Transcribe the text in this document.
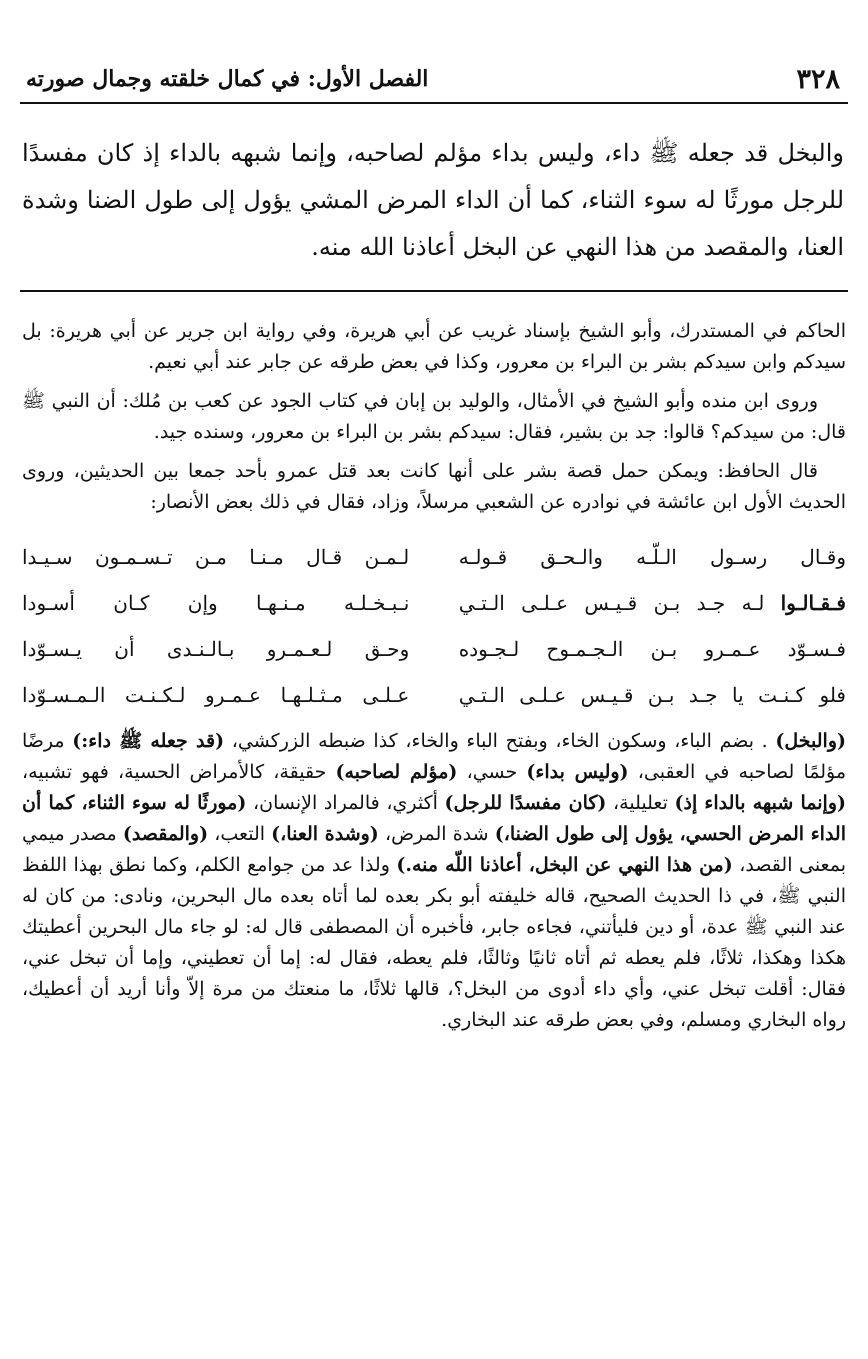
٣٢٨
الفصل الأول: في كمال خلقته وجمال صورته
والبخل قد جعله ﷺ داء، وليس بداء مؤلم لصاحبه، وإنما شبهه بالداء إذ كان مفسدًا للرجل مورثًا له سوء الثناء، كما أن الداء المرض المشي يؤول إلى طول الضنا وشدة العنا، والمقصد من هذا النهي عن البخل أعاذنا الله منه.

الحاكم في المستدرك، وأبو الشيخ بإسناد غريب عن أبي هريرة، وفي رواية ابن جرير عن أبي هريرة: بل سيدكم وابن سيدكم بشر بن البراء بن معرور، وكذا في بعض طرقه عن جابر عند أبي نعيم.

وروى ابن منده وأبو الشيخ في الأمثال، والوليد بن إبان في كتاب الجود عن كعب بن مُلك: أن النبي ﷺ قال: من سيدكم؟ قالوا: جد بن بشير، فقال: سيدكم بشر بن البراء بن معرور، وسنده جيد.

قال الحافظ: ويمكن حمل قصة بشر على أنها كانت بعد قتل عمرو بأحد جمعا بين الحديثين، وروى الحديث الأول ابن عائشة في نوادره عن الشعبي مرسلاً، وزاد، فقال في ذلك بعض الأنصار:

وقـال رسـول الـلّـه والـحـق قـولـه
لـمـن قـال مـنـا مـن تـسـمـون سـيـدا
فـقـالـوا لـه جـد بـن قـيـس عـلـى الـتـي
نـبـخـلـه مـنـهـا وإن كـان أسـودا
فـسـوّد عـمـرو بـن الـجـمـوح لـجـوده
وحـق لـعـمـرو بـالـنـدى أن يـسـوّدا
فلو كـنـت يا جـد بـن قـيـس عـلـى الـتـي
عـلـى مـثـلـهـا عـمـرو لـكـنـت الـمـسـوّدا
(والبخل) . بضم الباء، وسكون الخاء، وبفتح الباء والخاء، كذا ضبطه الزركشي، (قد جعله ﷺ داء:) مرضًا مؤلمًا لصاحبه في العقبى، (وليس بداء) حسي، (مؤلم لصاحبه) حقيقة، كالأمراض الحسية، فهو تشبيه، (وإنما شبهه بالداء إذ) تعليلية، (كان مفسدًا للرجل) أكثري، فالمراد الإنسان، (مورثًا له سوء الثناء، كما أن الداء المرض الحسي، يؤول إلى طول الضنا،) شدة المرض، (وشدة العنا،) التعب، (والمقصد) مصدر ميمي بمعنى القصد، (من هذا النهي عن البخل، أعاذنا اللّه منه.) ولذا عد من جوامع الكلم، وكما نطق بهذا اللفظ النبي ﷺ، في ذا الحديث الصحيح، قاله خليفته أبو بكر بعده لما أتاه بعده مال البحرين، ونادى: من كان له عند النبي ﷺ عدة، أو دين فليأتني، فجاءه جابر، فأخبره أن المصطفى قال له: لو جاء مال البحرين أعطيتك هكذا وهكذا، ثلاثًا، فلم يعطه ثم أتاه ثانيًا وثالثًا، فلم يعطه، فقال له: إما أن تعطيني، وإما أن تبخل عني، فقال: أقلت تبخل عني، وأي داء أدوى من البخل؟، قالها ثلاثًا، ما منعتك من مرة إلاّ وأنا أريد أن أعطيك، رواه البخاري ومسلم، وفي بعض طرقه عند البخاري.
